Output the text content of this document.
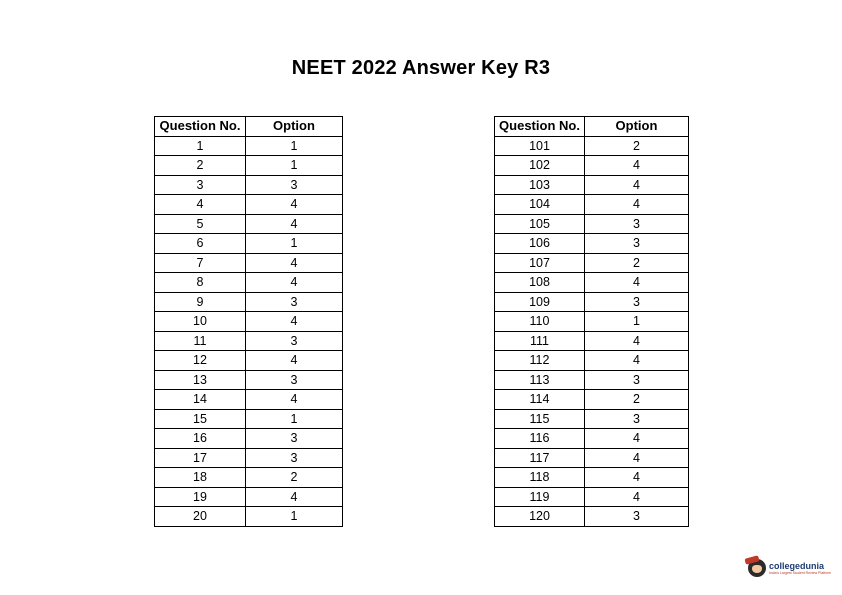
NEET 2022 Answer Key R3
Question No.	Option
1	1
2	1
3	3
4	4
5	4
6	1
7	4
8	4
9	3
10	4
11	3
12	4
13	3
14	4
15	1
16	3
17	3
18	2
19	4
20	1
Question No.	Option
101	2
102	4
103	4
104	4
105	3
106	3
107	2
108	4
109	3
110	1
111	4
112	4
113	3
114	2
115	3
116	4
117	4
118	4
119	4
120	3
collegedunia
India's Largest Student Review Platform
